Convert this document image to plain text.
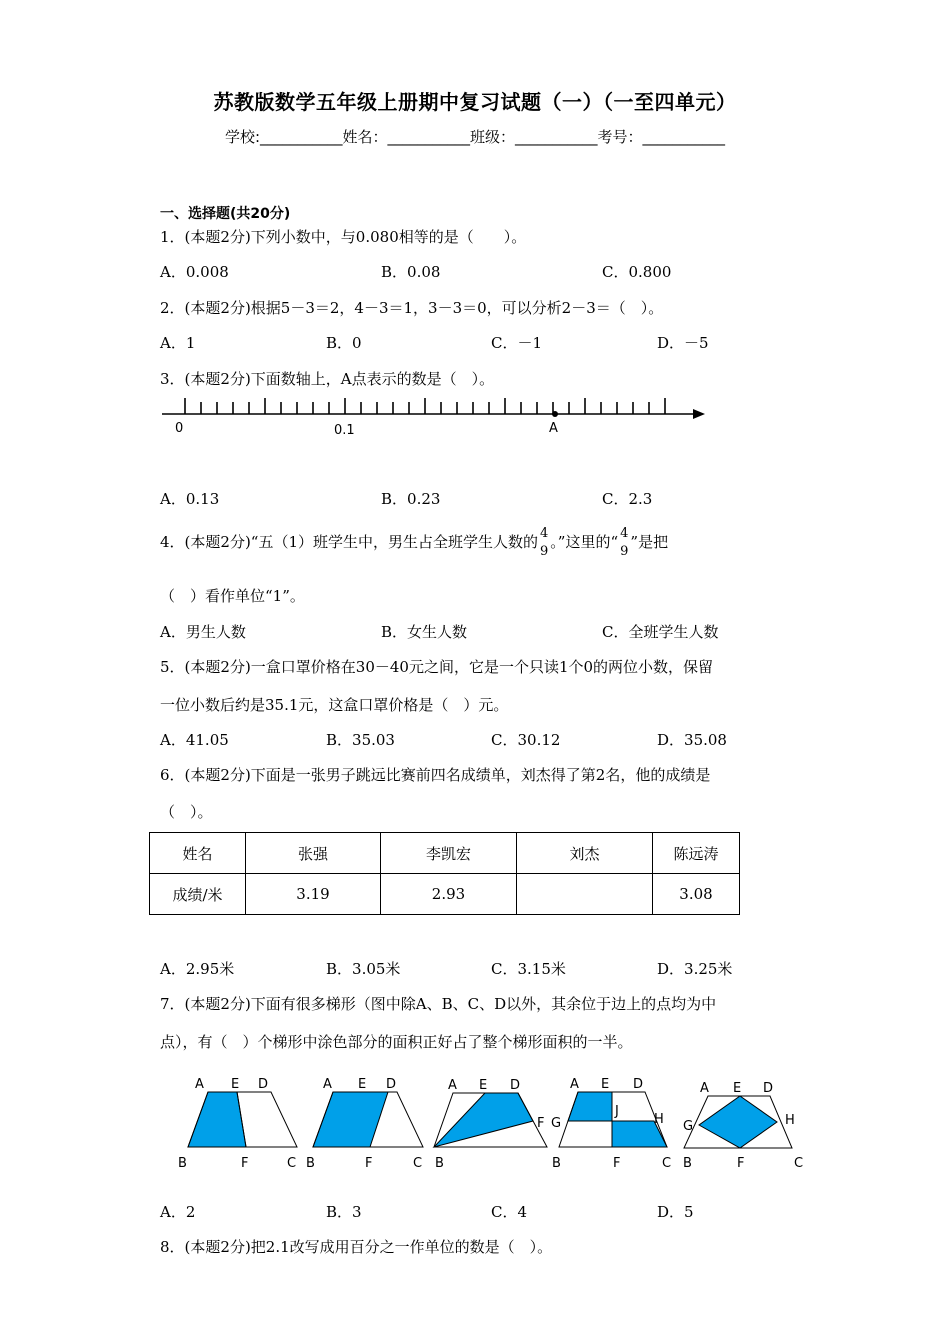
苏教版数学五年级上册期中复习试题（一）（一至四单元）
学校:___________姓名：___________班级：___________考号：___________
一、选择题(共20分)
1．(本题2分)下列小数中，与0.080相等的是（　　）。
A．0.008	B．0.08	C．0.800
2．(本题2分)根据5－3＝2，4－3＝1，3－3＝0，可以分析2－3＝（　）。
A．1	B．0	C．－1	D．－5
3．(本题2分)下面数轴上，A点表示的数是（　）。
0	0.1	A
A．0.13	B．0.23	C．2.3
4．(本题2分)“五（1）班学生中，男生占全班学生人数的 4
9
。”这里的“ 4
9
”是把
（　）看作单位“1”。
A．男生人数	B．女生人数	C．全班学生人数
5．(本题2分)一盒口罩价格在30－40元之间，它是一个只读1个0的两位小数，保留
一位小数后约是35.1元，这盒口罩价格是（　）元。
A．41.05	B．35.03	C．30.12	D．35.08
6．(本题2分)下面是一张男子跳远比赛前四名成绩单，刘杰得了第2名，他的成绩是
（　）。
姓名	张强	李凯宏	刘杰	陈远涛
成绩/米	3.19	2.93		3.08
A．2.95米	B．3.05米	C．3.15米	D．3.25米
7．(本题2分)下面有很多梯形（图中除A、B、C、D以外，其余位于边上的点均为中
点），有（　）个梯形中涂色部分的面积正好占了整个梯形面积的一半。
A E D
B	F	C
A E D
B	F	C
A E D
F
B
A E D
G
J
H
B	F	C
A E D
G	H
B	F	C
A．2	B．3	C．4	D．5
8．(本题2分)把2.1改写成用百分之一作单位的数是（　）。
